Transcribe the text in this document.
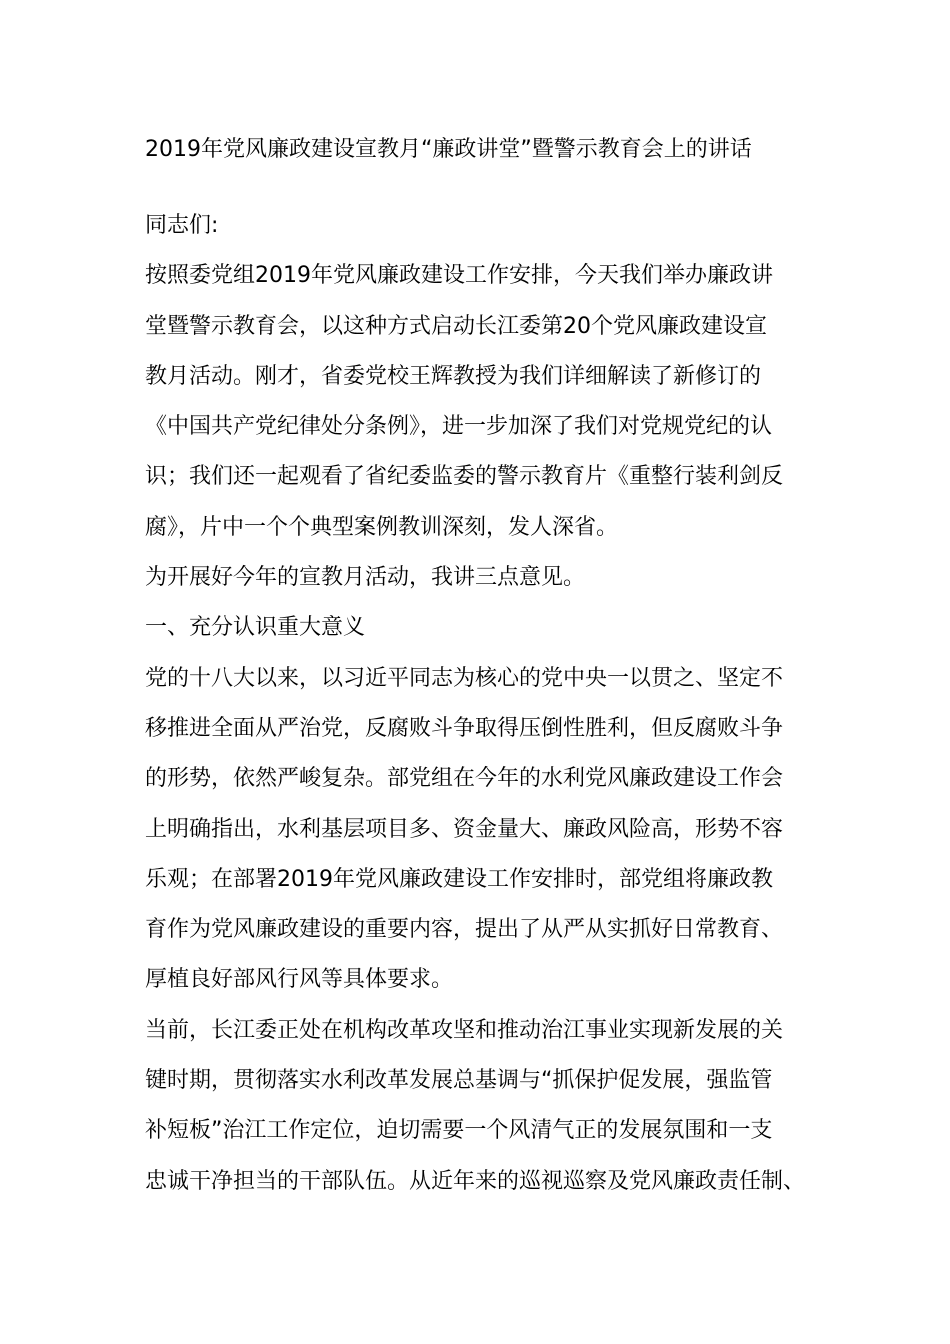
2019年党风廉政建设宣教月“廉政讲堂”暨警示教育会上的讲话
同志们:
按照委党组2019年党风廉政建设工作安排，今天我们举办廉政讲
堂暨警示教育会，以这种方式启动长江委第20个党风廉政建设宣
教月活动。刚才，省委党校王辉教授为我们详细解读了新修订的
《中国共产党纪律处分条例》，进一步加深了我们对党规党纪的认
识；我们还一起观看了省纪委监委的警示教育片《重整行装利剑反
腐》，片中一个个典型案例教训深刻，发人深省。
为开展好今年的宣教月活动，我讲三点意见。
一、充分认识重大意义
党的十八大以来，以习近平同志为核心的党中央一以贯之、坚定不
移推进全面从严治党，反腐败斗争取得压倒性胜利，但反腐败斗争
的形势，依然严峻复杂。部党组在今年的水利党风廉政建设工作会
上明确指出，水利基层项目多、资金量大、廉政风险高，形势不容
乐观；在部署2019年党风廉政建设工作安排时，部党组将廉政教
育作为党风廉政建设的重要内容，提出了从严从实抓好日常教育、
厚植良好部风行风等具体要求。
当前，长江委正处在机构改革攻坚和推动治江事业实现新发展的关
键时期，贯彻落实水利改革发展总基调与“抓保护促发展，强监管
补短板”治江工作定位，迫切需要一个风清气正的发展氛围和一支
忠诚干净担当的干部队伍。从近年来的巡视巡察及党风廉政责任制、
